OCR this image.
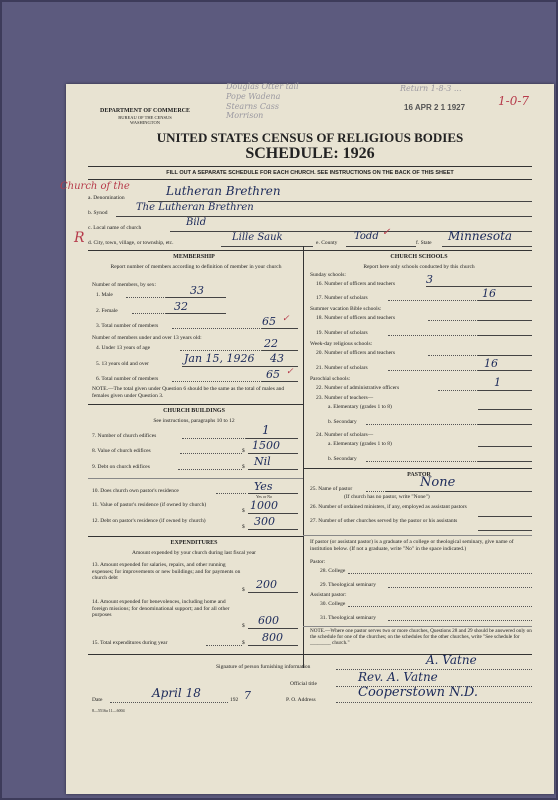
DEPARTMENT OF COMMERCE
BUREAU OF THE CENSUS
WASHINGTON
Douglas Otter tail
Pope Wadena
Stearns Cass
Morrison
Return 1-8-3 ...
16 APR 2 1 1927	1-0-7
UNITED STATES CENSUS OF RELIGIOUS BODIES
SCHEDULE: 1926
FILL OUT A SEPARATE SCHEDULE FOR EACH CHURCH. SEE INSTRUCTIONS ON THE BACK OF THIS SHEET
Church of the
a. Denomination	Lutheran Brethren
b. Synod	The Lutheran Brethren
c. Local name of church	Bild
R d. City, town, village, or township, etc.	Lille Sauk	e. County
Todd ✓
f. State Minnesota
MEMBERSHIP
Report number of members according to definition of member in your church
Number of members, by sex:
1. Male	33
2. Female	32
3. Total number of members	65 ✓
Number of members under and over 13 years old:
4. Under 13 years of age	22
5. 13 years old and over	Jan 15, 1926 43
6. Total number of members	65 ✓
NOTE.—The total given under Question 6 should be the same as the total of males and females given under Question 3.
CHURCH BUILDINGS
See instructions, paragraphs 10 to 12
7. Number of church edifices	1
8. Value of church edifices	$ 1500
9. Debt on church edifices	$ Nil
10. Does church own pastor's residence	Yes
Yes or No
11. Value of pastor's residence (if owned by church)
$ 1000
12. Debt on pastor's residence (if owned by church)
$ 300
EXPENDITURES
Amount expended by your church during last fiscal year
13. Amount expended for salaries, repairs, and other running expenses; for improvements or new buildings; and for payments on church debt
$ 200
14. Amount expended for benevolences, including home and foreign missions; for denominational support; and for all other purposes
$ 600
15. Total expenditures during year	$ 800
CHURCH SCHOOLS
Report here only schools conducted by this church
Sunday schools:
16. Number of officers and teachers	3
17. Number of scholars	16
Summer vacation Bible schools:
18. Number of officers and teachers
19. Number of scholars
Week-day religious schools:
20. Number of officers and teachers
21. Number of scholars	16
Parochial schools:
22. Number of administrative officers	1
23. Number of teachers—
a. Elementary (grades 1 to 8)
b. Secondary
24. Number of scholars—
a. Elementary (grades 1 to 8)
b. Secondary
PASTOR
25. Name of pastor	None
(If church has no pastor, write "None")
26. Number of ordained ministers, if any, employed as assistant pastors
27. Number of other churches served by the pastor or his assistants
If pastor (or assistant pastor) is a graduate of a college or theological seminary, give name of institution below. (If not a graduate, write "No" in the space indicated.)
Pastor:
28. College
29. Theological seminary
Assistant pastor:
30. College
31. Theological seminary
NOTE.—Where one pastor serves two or more churches, Questions 28 and 29 should be answered only on the schedule for one of the churches; on the schedules for the other churches, write "See schedule for ________ church."
Signature of person furnishing information	A. Vatne
Official title	Rev. A. Vatne
Date	April 18	192 7	P. O. Address	Cooperstown N.D.
8—5516a 11—6004
